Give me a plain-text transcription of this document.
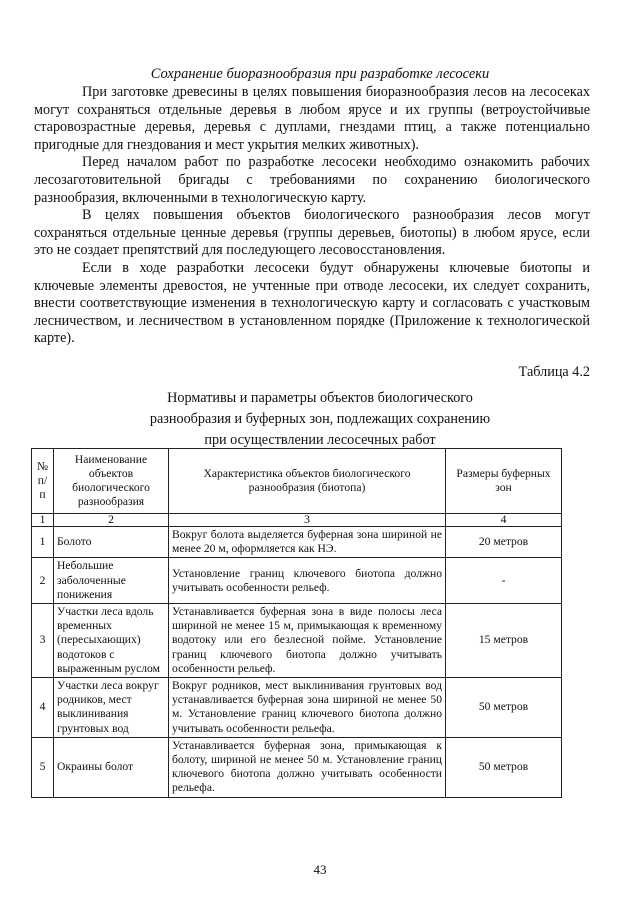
Сохранение биоразнообразия при разработке лесосеки

При заготовке древесины в целях повышения биоразнообразия лесов на лесосеках могут сохраняться отдельные деревья в любом ярусе и их группы (ветроустойчивые старовозрастные деревья, деревья с дуплами, гнездами птиц, а также потенциально пригодные для гнездования и мест укрытия мелких животных).

Перед началом работ по разработке лесосеки необходимо ознакомить рабочих лесозаготовительной бригады с требованиями по сохранению биологического разнообразия, включенными в технологическую карту.

В целях повышения объектов биологического разнообразия лесов могут сохраняться отдельные ценные деревья (группы деревьев, биотопы) в любом ярусе, если это не создает препятствий для последующего лесовосстановления.

Если в ходе разработки лесосеки будут обнаружены ключевые биотопы и ключевые элементы древостоя, не учтенные при отводе лесосеки, их следует сохранить, внести соответствующие изменения в технологическую карту и согласовать с участковым лесничеством, и лесничеством в установленном порядке (Приложение к технологической карте).

Таблица 4.2
Нормативы и параметры объектов биологического
разнообразия и буферных зон, подлежащих сохранению
при осуществлении лесосечных работ
№ п/п	Наименование объектов биологического разнообразия	Характеристика объектов биологического разнообразия (биотопа)	Размеры буферных зон
1	2	3	4
1	Болото	Вокруг болота выделяется буферная зона шириной не менее 20 м, оформляется как НЭ.	20 метров
2	Небольшие заболоченные понижения	Установление границ ключевого биотопа должно учитывать особенности рельеф.	-
3	Участки леса вдоль временных (пересыхающих) водотоков с выраженным руслом	Устанавливается буферная зона в виде полосы леса шириной не менее 15 м, примыкающая к временному водотоку или его безлесной пойме. Установление границ ключевого биотопа должно учитывать особенности рельеф.	15 метров
4	Участки леса вокруг родников, мест выклинивания грунтовых вод	Вокруг родников, мест выклинивания грунтовых вод устанавливается буферная зона шириной не менее 50 м. Установление границ ключевого биотопа должно учитывать особенности рельефа.	50 метров
5	Окраины болот	Устанавливается буферная зона, примыкающая к болоту, шириной не менее 50 м. Установление границ ключевого биотопа должно учитывать особенности рельефа.	50 метров
43
